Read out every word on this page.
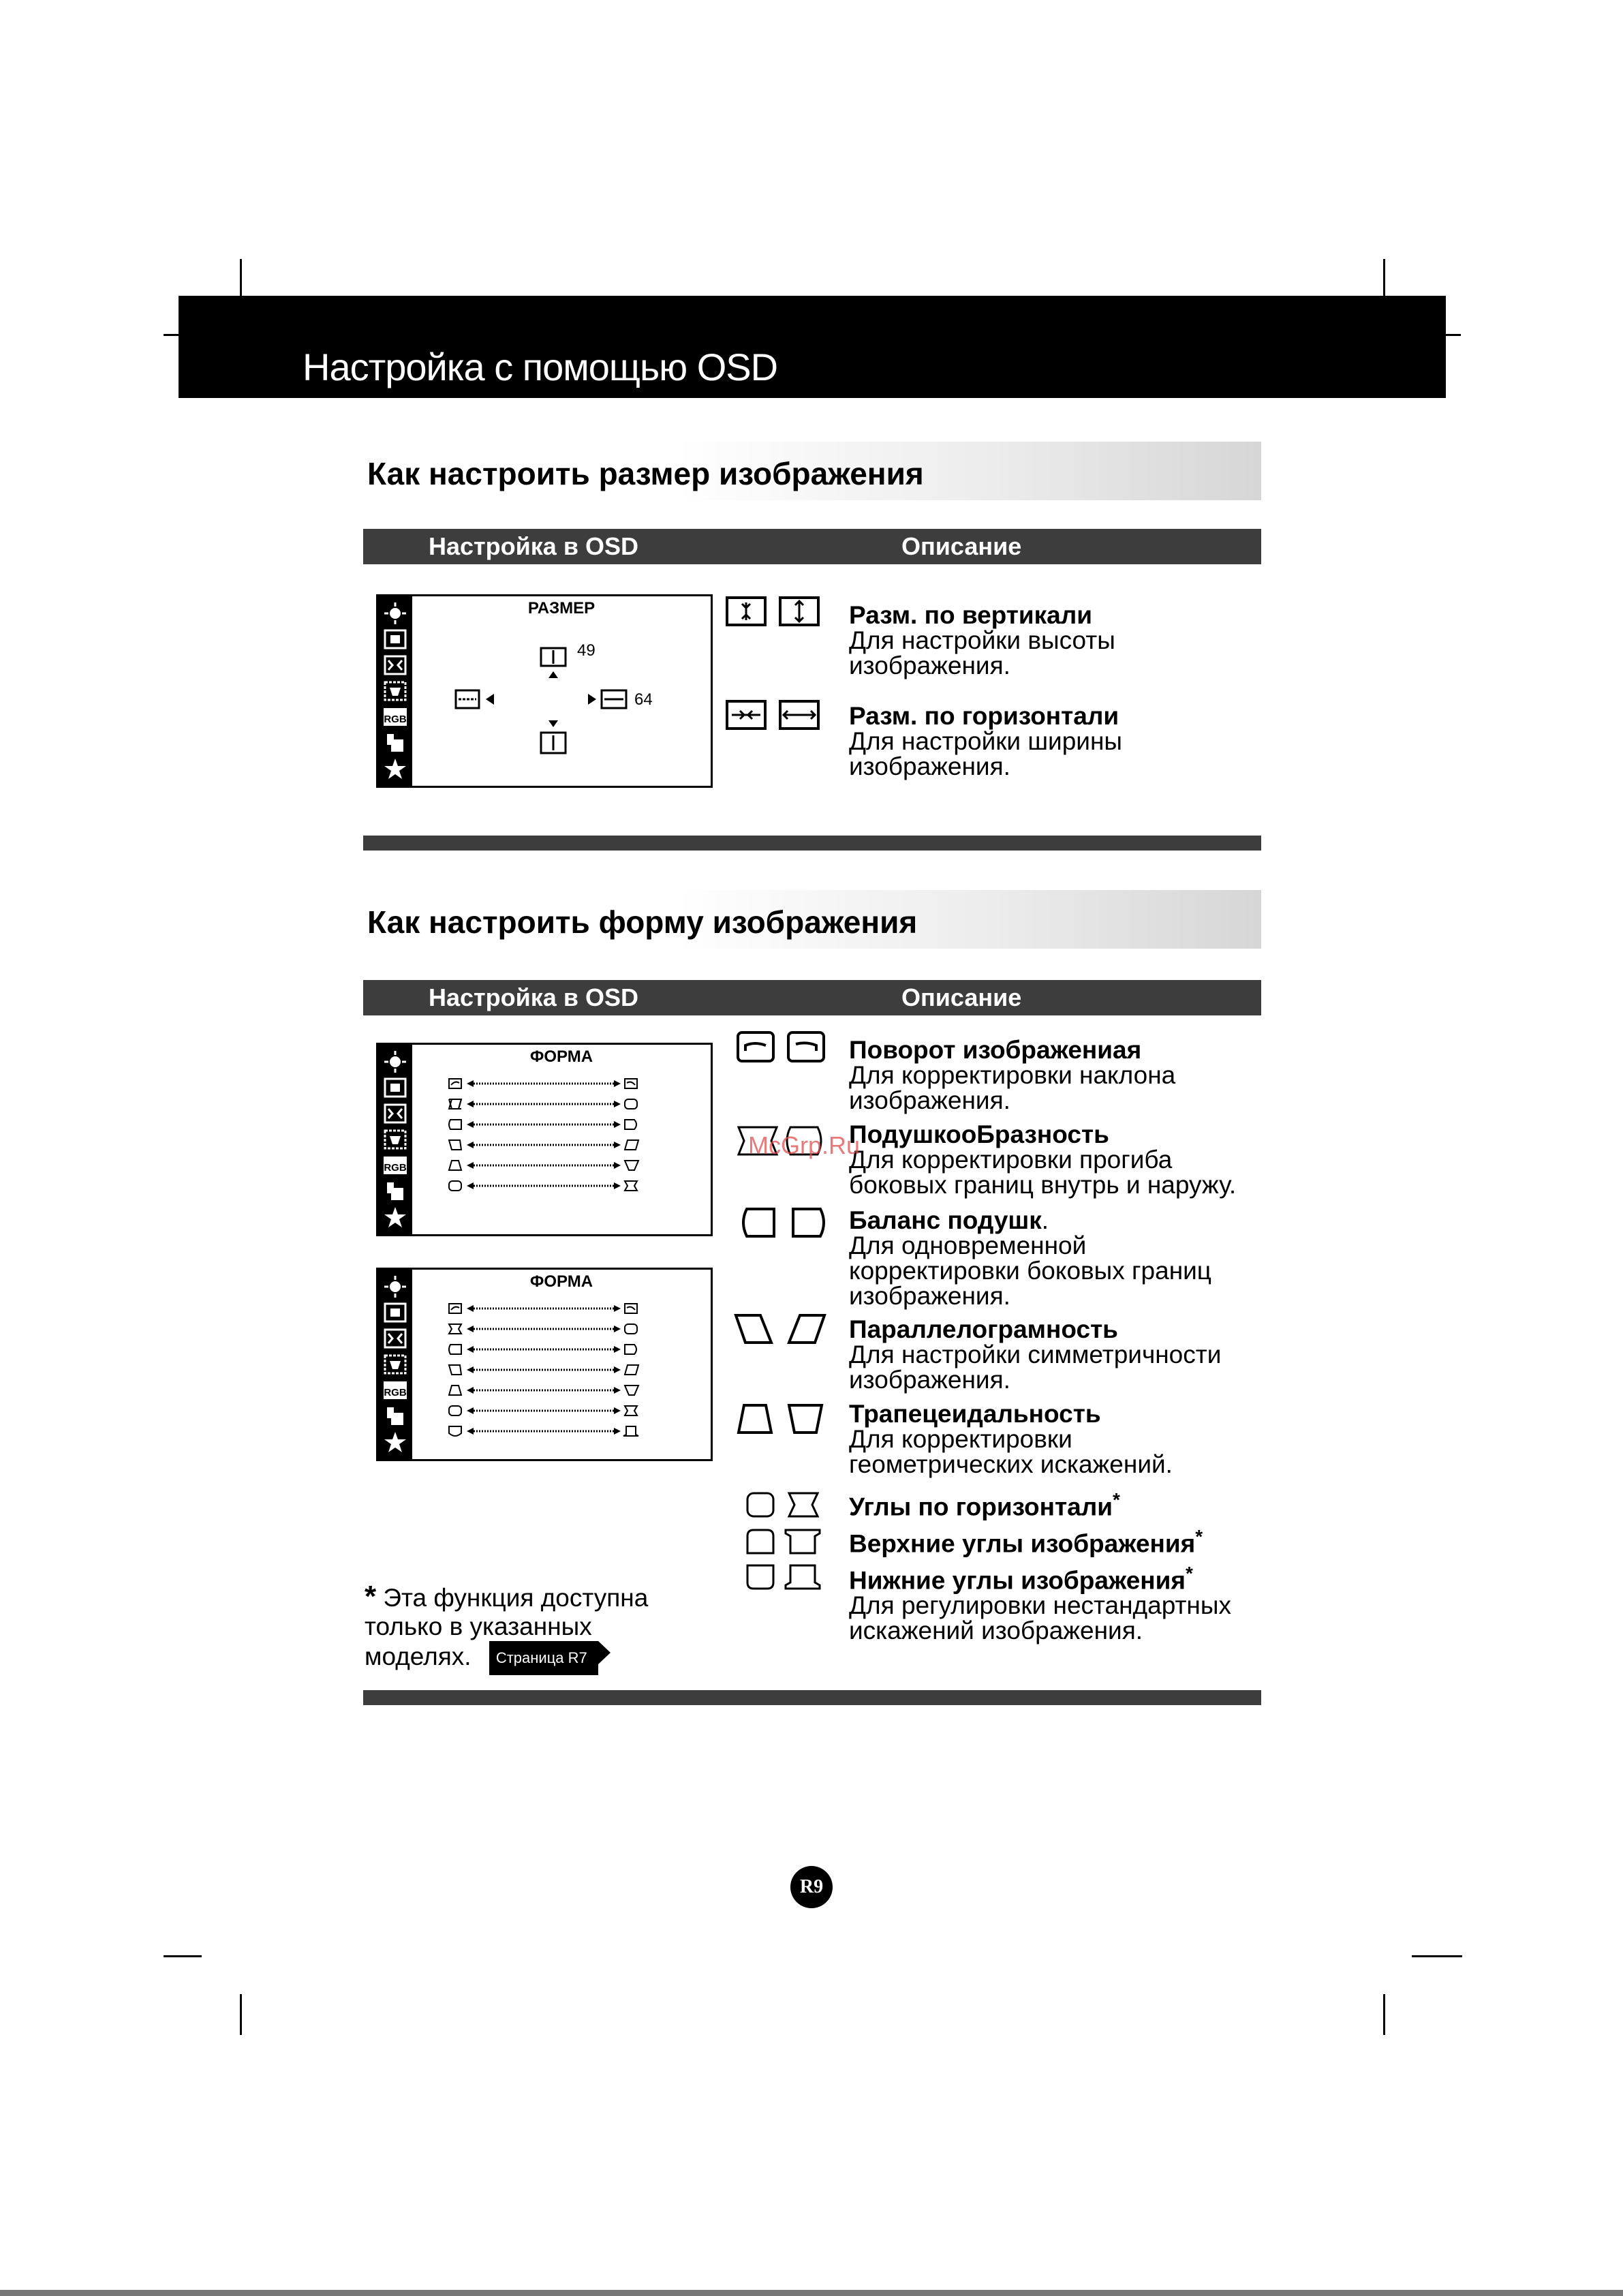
Настройка с помощью OSD
Как настроить размер изображения
Настройка в OSD	Описание
RGB
РАЗМЕР
49
64
Разм. по вертикали
Для настройки высоты
изображения.
Разм. по горизонтали
Для настройки ширины
изображения.
Как настроить форму изображения
Настройка в OSD	Описание
RGB
ФОРМА
RGB
ФОРМА
Поворот изображениая
Для корректировки наклона
изображения.
ПодушкооБразность
Для корректировки прогиба
боковых границ внутрь и наружу.
Баланс подушк.
Для одновременной
корректировки боковых границ
изображения.
Параллелограмность
Для настройки симметричности
изображения.
Трапецеидальность
Для корректировки
геометрических искажений.
Углы по горизонтали*
Верхние углы изображения*
Нижние углы изображения*
Для регулировки нестандартных
искажений изображения.
* Эта функция доступна
только в указанных
моделях. Страница R7
McGrp.Ru
R9
